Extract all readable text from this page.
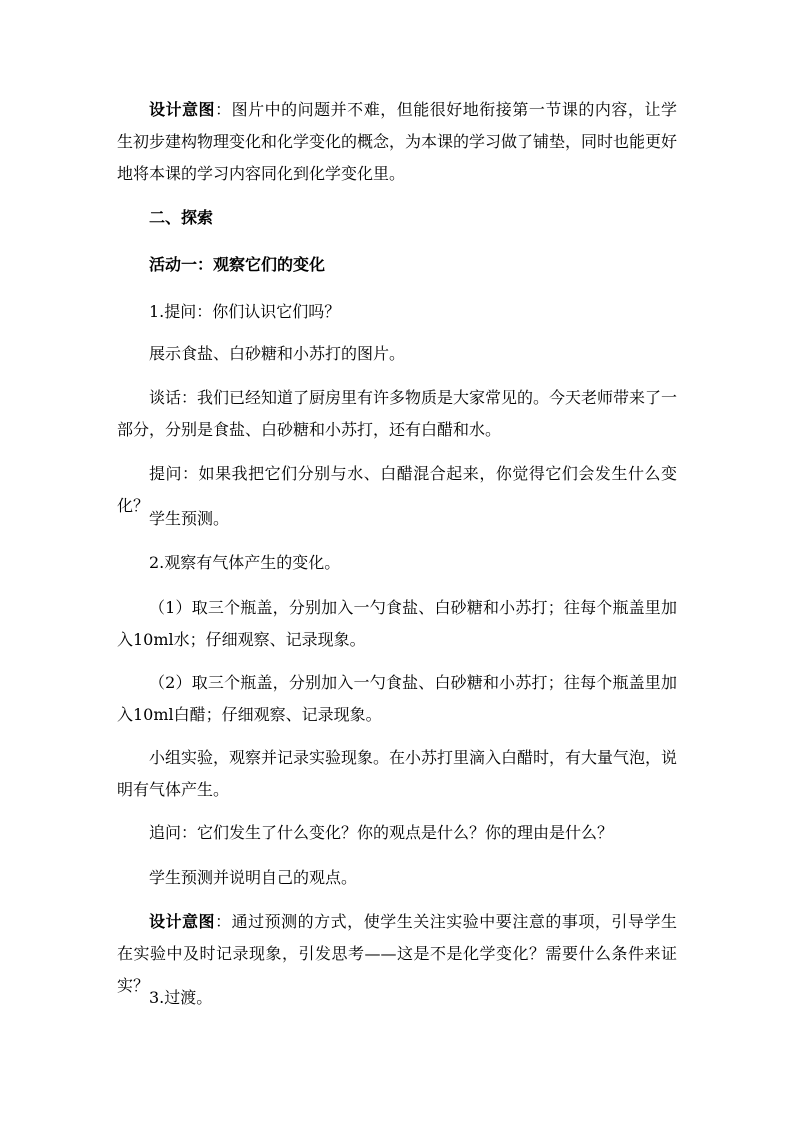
设计意图：图片中的问题并不难，但能很好地衔接第一节课的内容，让学生初步建构物理变化和化学变化的概念，为本课的学习做了铺垫，同时也能更好地将本课的学习内容同化到化学变化里。

二、探索

活动一：观察它们的变化

1.提问：你们认识它们吗？

展示食盐、白砂糖和小苏打的图片。

谈话：我们已经知道了厨房里有许多物质是大家常见的。今天老师带来了一部分，分别是食盐、白砂糖和小苏打，还有白醋和水。

提问：如果我把它们分别与水、白醋混合起来，你觉得它们会发生什么变化？

学生预测。

2.观察有气体产生的变化。

（1）取三个瓶盖，分别加入一勺食盐、白砂糖和小苏打；往每个瓶盖里加入10ml水；仔细观察、记录现象。

（2）取三个瓶盖，分别加入一勺食盐、白砂糖和小苏打；往每个瓶盖里加入10ml白醋；仔细观察、记录现象。

小组实验，观察并记录实验现象。在小苏打里滴入白醋时，有大量气泡，说明有气体产生。

追问：它们发生了什么变化？你的观点是什么？你的理由是什么？

学生预测并说明自己的观点。

设计意图：通过预测的方式，使学生关注实验中要注意的事项，引导学生在实验中及时记录现象，引发思考——这是不是化学变化？需要什么条件来证实？

3.过渡。
